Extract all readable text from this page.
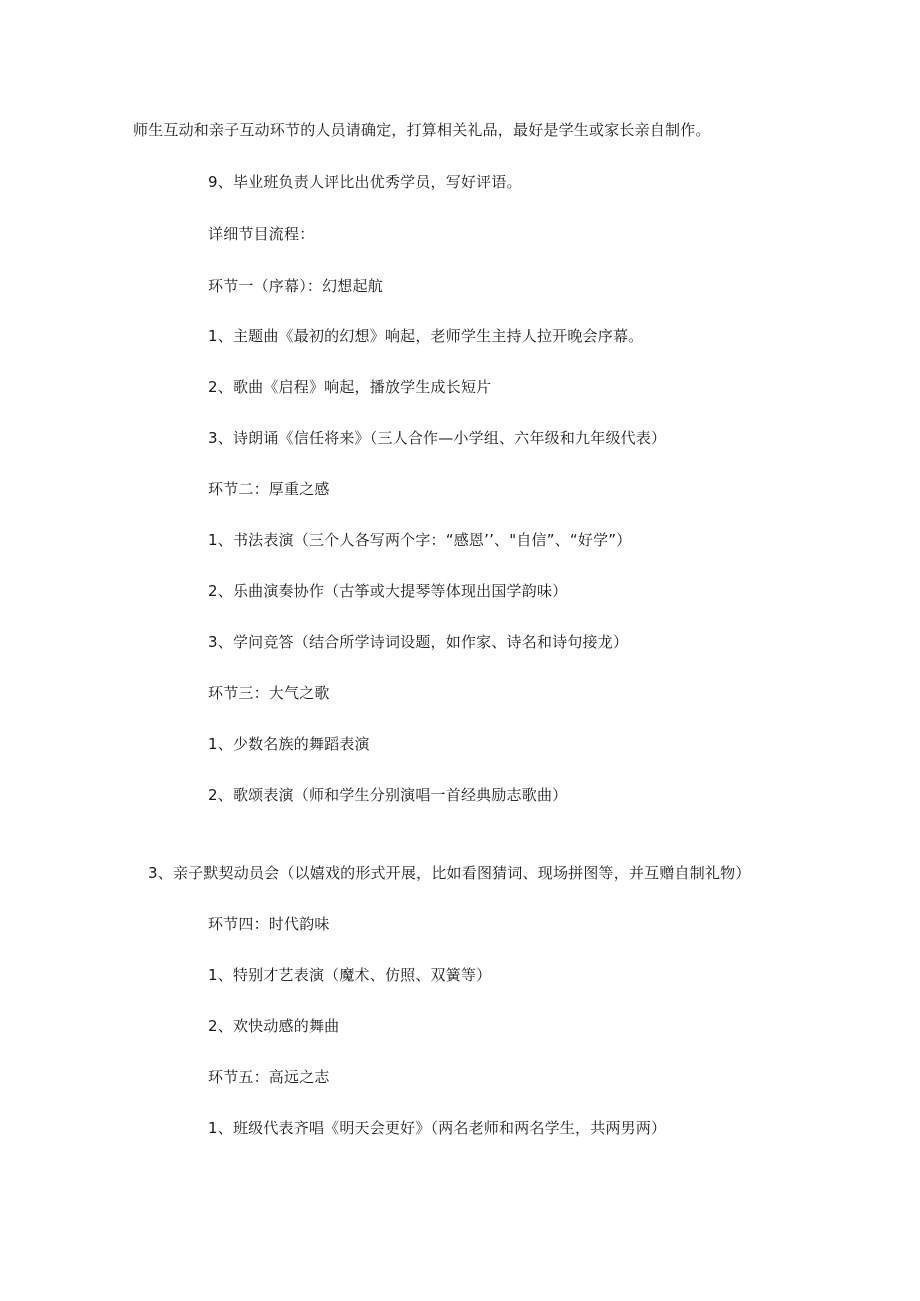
师生互动和亲子互动环节的人员请确定，打算相关礼品，最好是学生或家长亲自制作。
9、毕业班负责人评比出优秀学员，写好评语。
详细节目流程：
环节一（序幕）：幻想起航
1、主题曲《最初的幻想》响起，老师学生主持人拉开晚会序幕。
2、歌曲《启程》响起，播放学生成长短片
3、诗朗诵《信任将来》（三人合作—小学组、六年级和九年级代表）
环节二：厚重之感
1、书法表演（三个人各写两个字：“感恩’’、"自信”、“好学”）
2、乐曲演奏协作（古筝或大提琴等体现出国学韵味）
3、学问竞答（结合所学诗词设题，如作家、诗名和诗句接龙）
环节三：大气之歌
1、少数名族的舞蹈表演
2、歌颂表演（师和学生分别演唱一首经典励志歌曲）
3、亲子默契动员会（以嬉戏的形式开展，比如看图猜词、现场拼图等，并互赠自制礼物）
环节四：时代韵味
1、特别才艺表演（魔术、仿照、双簧等）
2、欢快动感的舞曲
环节五：高远之志
1、班级代表齐唱《明天会更好》（两名老师和两名学生，共两男两）
